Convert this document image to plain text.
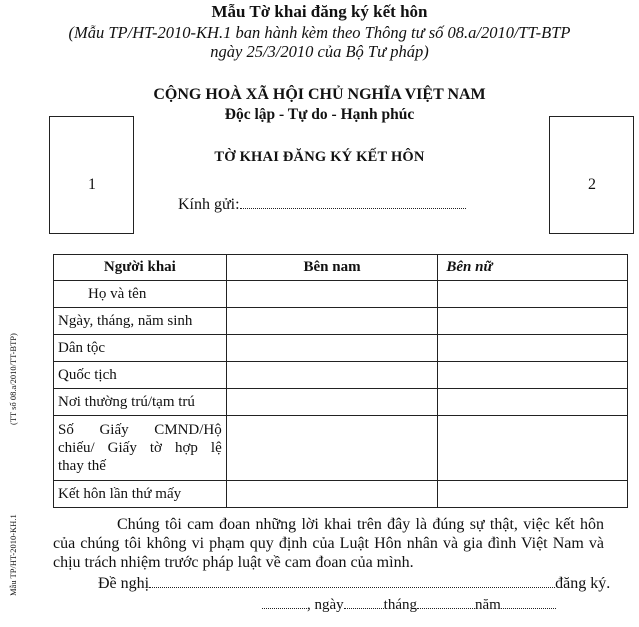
Mẫu Tờ khai đăng ký kết hôn
(Mẫu TP/HT-2010-KH.1 ban hành kèm theo Thông tư số 08.a/2010/TT-BTP
ngày 25/3/2010 của Bộ Tư pháp)
CỘNG HOÀ XÃ HỘI CHỦ NGHĨA VIỆT NAM
Độc lập - Tự do - Hạnh phúc
TỜ KHAI ĐĂNG KÝ KẾT HÔN
1	2
Kính gửi:
(TT số 08.a/2010/TT-BTP)
Mẫu TP/HT-2010-KH.1
Người khai	Bên nam	Bên nữ
Họ và tên		
Ngày, tháng, năm sinh		
Dân tộc		
Quốc tịch		
Nơi thường trú/tạm trú		

Số Giấy CMND/Hộ
chiếu/ Giấy tờ hợp lệ
thay thế		

Kết hôn lần thứ mấy		

Chúng tôi cam đoan những lời khai trên đây là đúng sự thật, việc kết hôn của chúng tôi không vi phạm quy định của Luật Hôn nhân và gia đình Việt Nam và chịu trách nhiệm trước pháp luật về cam đoan của mình.

Đề nghị	đăng ký.
, ngày	tháng	năm
